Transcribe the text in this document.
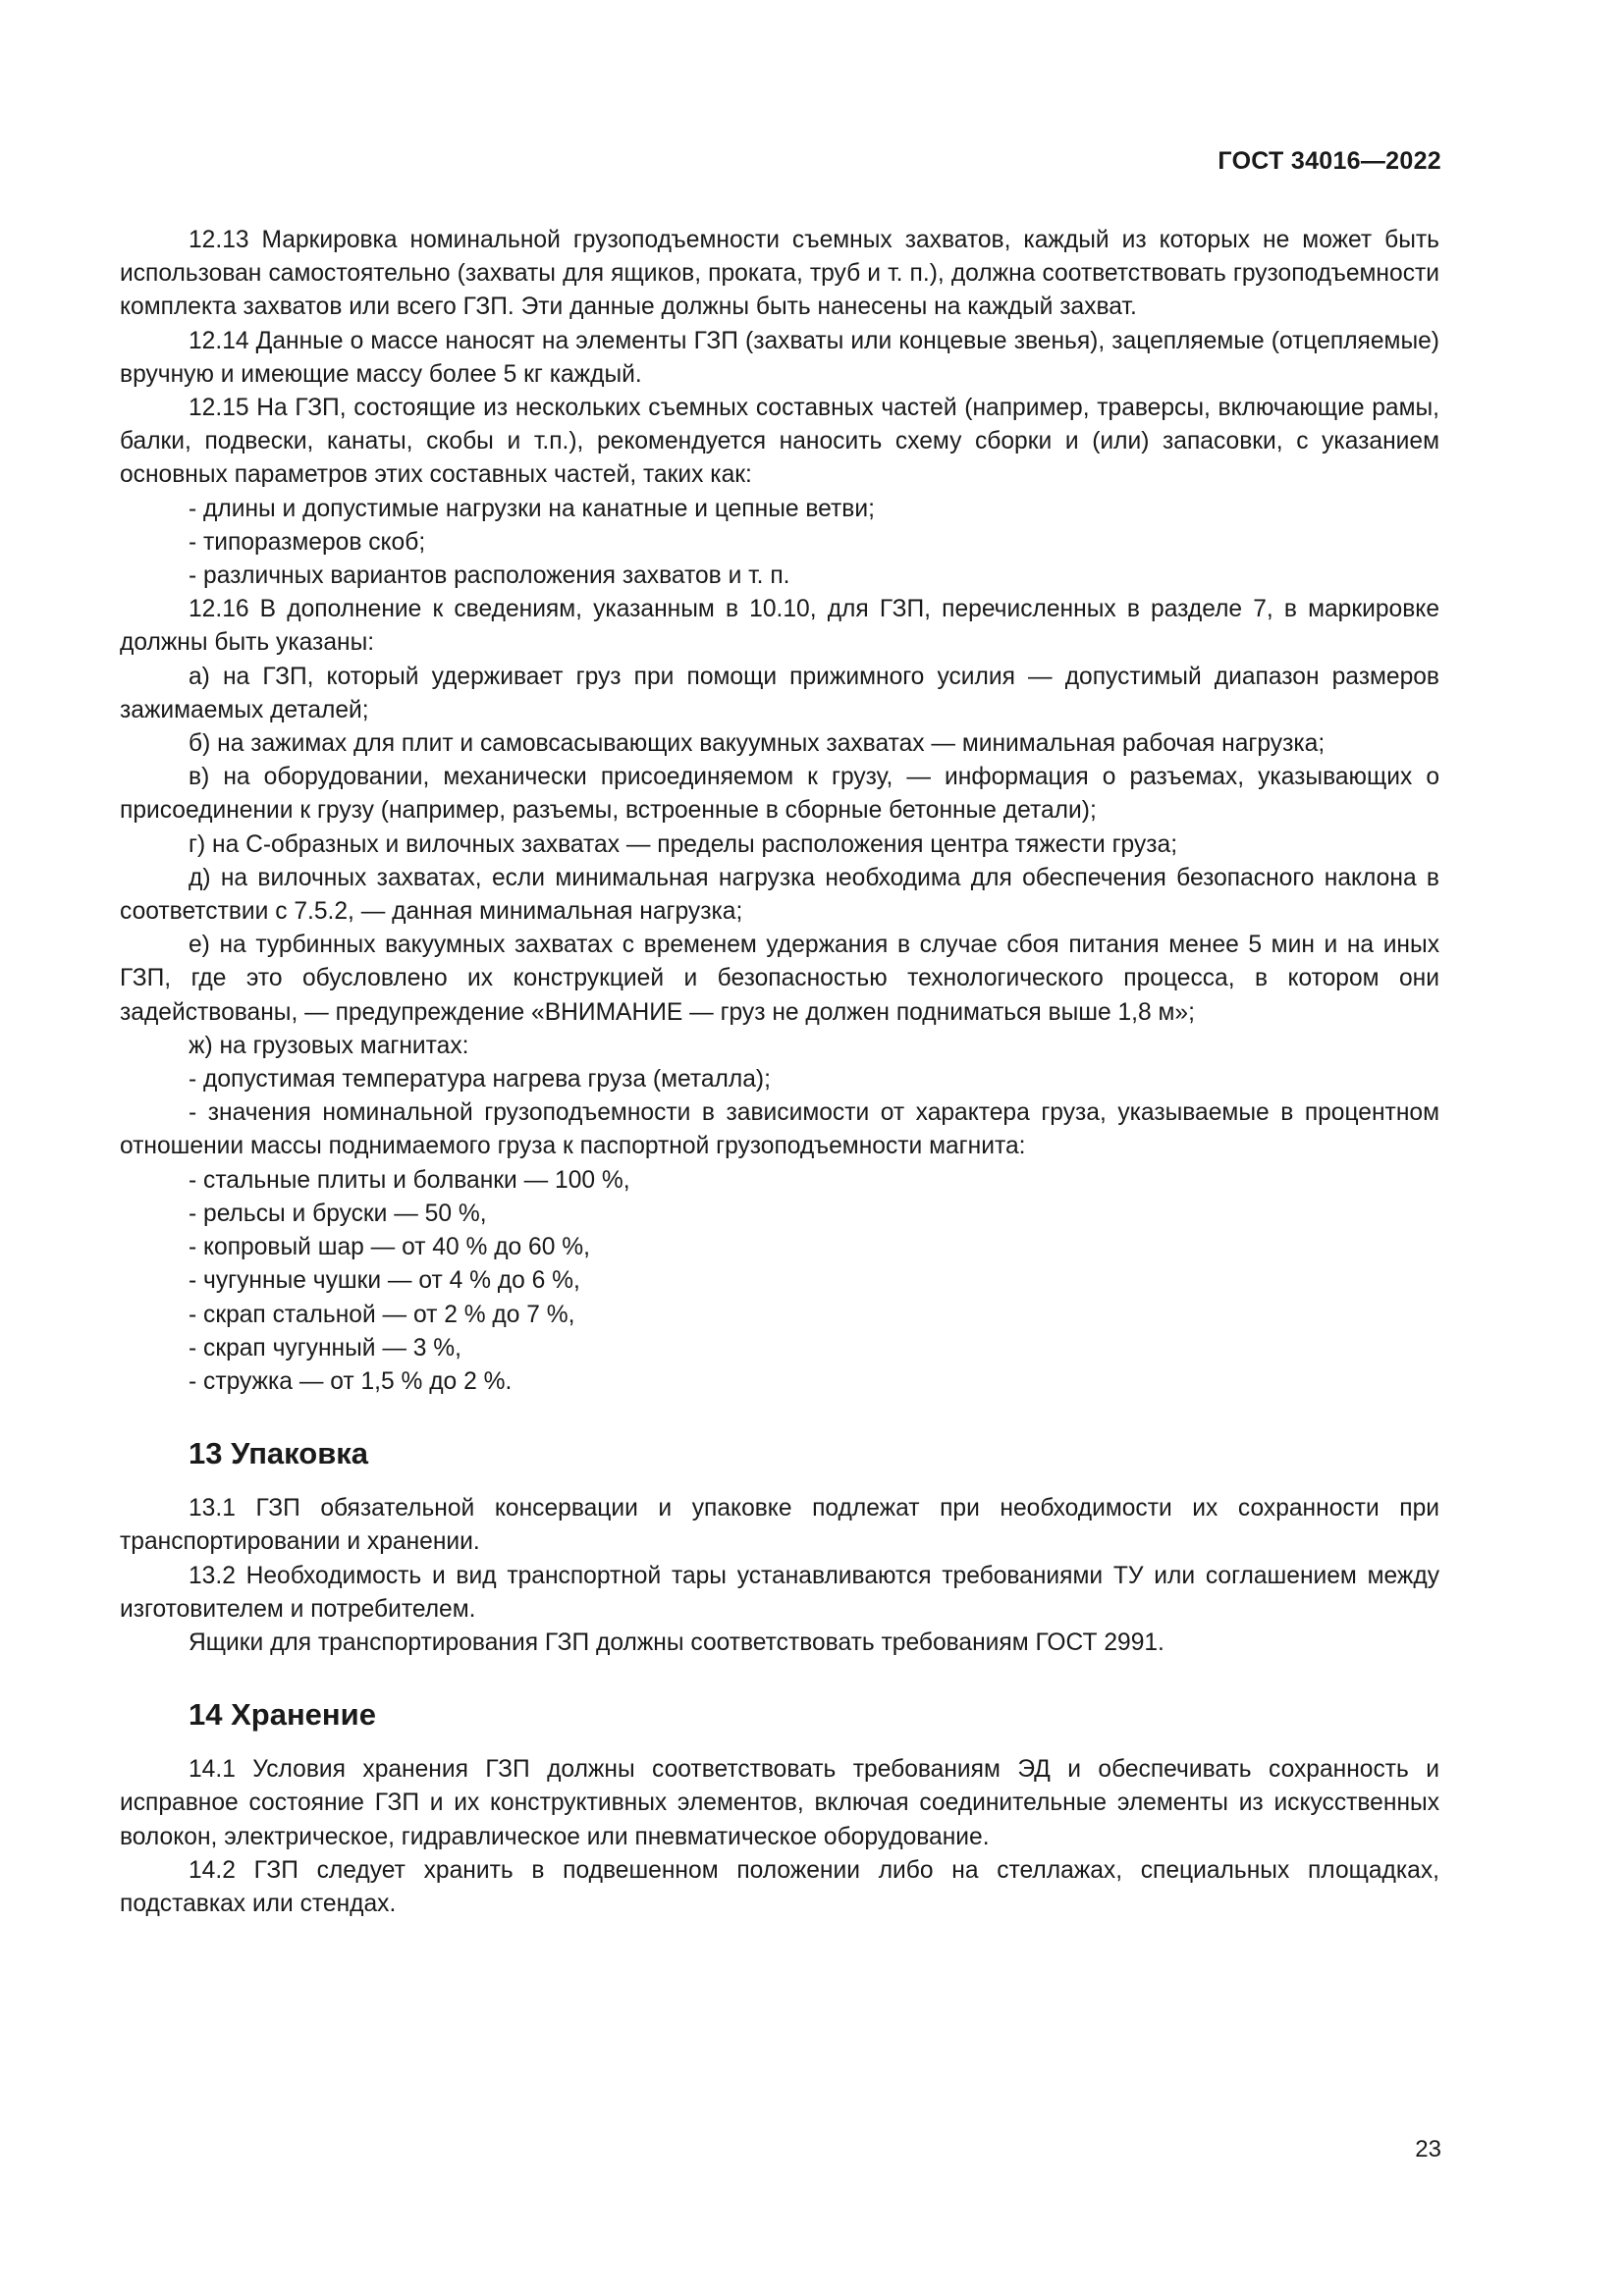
ГОСТ 34016—2022

12.13 Маркировка номинальной грузоподъемности съемных захватов, каждый из которых не может быть использован самостоятельно (захваты для ящиков, проката, труб и т. п.), должна соответствовать грузоподъемности комплекта захватов или всего ГЗП. Эти данные должны быть нанесены на каждый захват.

12.14 Данные о массе наносят на элементы ГЗП (захваты или концевые звенья), зацепляемые (отцепляемые) вручную и имеющие массу более 5 кг каждый.

12.15 На ГЗП, состоящие из нескольких съемных составных частей (например, траверсы, включающие рамы, балки, подвески, канаты, скобы и т.п.), рекомендуется наносить схему сборки и (или) запасовки, с указанием основных параметров этих составных частей, таких как:

- длины и допустимые нагрузки на канатные и цепные ветви;

- типоразмеров скоб;

- различных вариантов расположения захватов и т. п.

12.16 В дополнение к сведениям, указанным в 10.10, для ГЗП, перечисленных в разделе 7, в маркировке должны быть указаны:

а) на ГЗП, который удерживает груз при помощи прижимного усилия — допустимый диапазон размеров зажимаемых деталей;

б) на зажимах для плит и самовсасывающих вакуумных захватах — минимальная рабочая нагрузка;

в) на оборудовании, механически присоединяемом к грузу, — информация о разъемах, указывающих о присоединении к грузу (например, разъемы, встроенные в сборные бетонные детали);

г) на С-образных и вилочных захватах — пределы расположения центра тяжести груза;

д) на вилочных захватах, если минимальная нагрузка необходима для обеспечения безопасного наклона в соответствии с 7.5.2, — данная минимальная нагрузка;

е) на турбинных вакуумных захватах с временем удержания в случае сбоя питания менее 5 мин и на иных ГЗП, где это обусловлено их конструкцией и безопасностью технологического процесса, в котором они задействованы, — предупреждение «ВНИМАНИЕ — груз не должен подниматься выше 1,8 м»;

ж) на грузовых магнитах:

- допустимая температура нагрева груза (металла);

- значения номинальной грузоподъемности в зависимости от характера груза, указываемые в процентном отношении массы поднимаемого груза к паспортной грузоподъемности магнита:

- стальные плиты и болванки — 100 %,

- рельсы и бруски — 50 %,

- копровый шар — от 40 % до 60 %,

- чугунные чушки — от 4 % до 6 %,

- скрап стальной — от 2 % до 7 %,

- скрап чугунный — 3 %,

- стружка — от 1,5 % до 2 %.

13 Упаковка

13.1 ГЗП обязательной консервации и упаковке подлежат при необходимости их сохранности при транспортировании и хранении.

13.2 Необходимость и вид транспортной тары устанавливаются требованиями ТУ или соглашением между изготовителем и потребителем.

Ящики для транспортирования ГЗП должны соответствовать требованиям ГОСТ 2991.

14 Хранение

14.1 Условия хранения ГЗП должны соответствовать требованиям ЭД и обеспечивать сохранность и исправное состояние ГЗП и их конструктивных элементов, включая соединительные элементы из искусственных волокон, электрическое, гидравлическое или пневматическое оборудование.

14.2 ГЗП следует хранить в подвешенном положении либо на стеллажах, специальных площадках, подставках или стендах.

23
